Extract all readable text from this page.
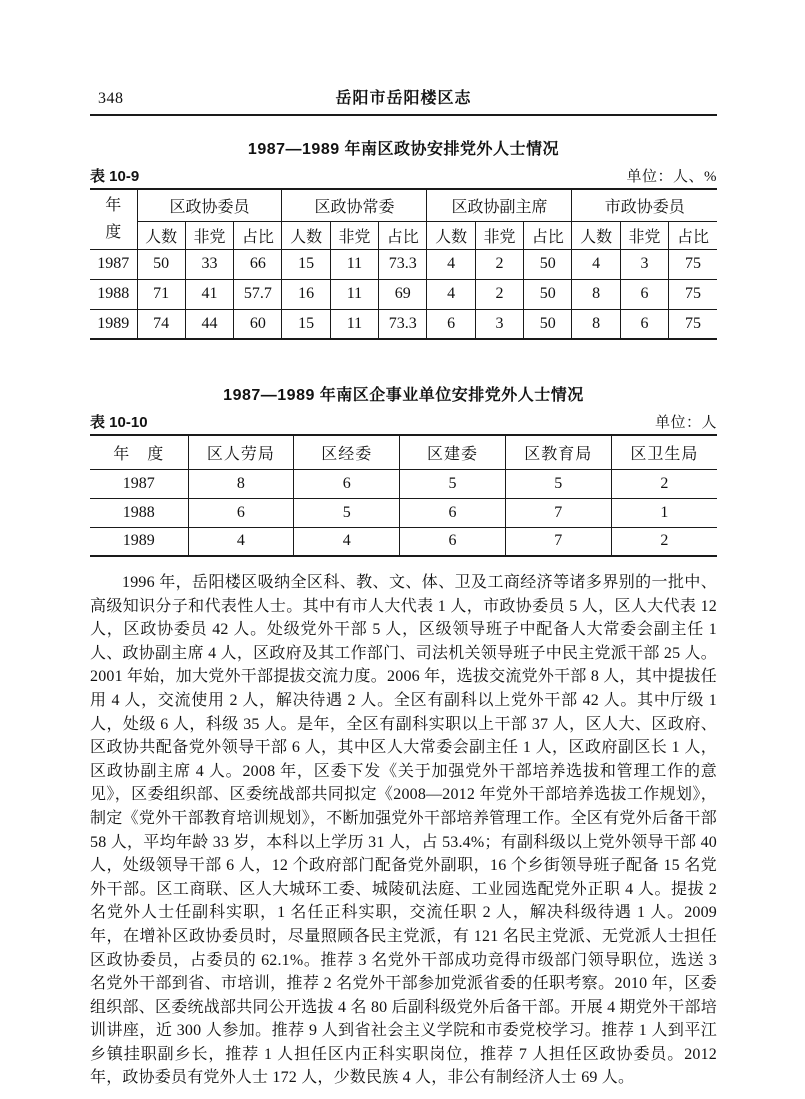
348	岳阳市岳阳楼区志
1987—1989 年南区政协安排党外人士情况
表 10-9	单位：人、%
年
度	区政协委员			区政协常委			区政协副主席			市政协委员		
	人数	非党	占比	人数	非党	占比	人数	非党	占比	人数	非党	占比
1987	50	33	66	15	11	73.3	4	2	50	4	3	75
1988	71	41	57.7	16	11	69	4	2	50	8	6	75
1989	74	44	60	15	11	73.3	6	3	50	8	6	75
1987—1989 年南区企事业单位安排党外人士情况
表 10-10	单位：人
年　度	区人劳局	区经委	区建委	区教育局	区卫生局
1987	8	6	5	5	2
1988	6	5	6	7	1
1989	4	4	6	7	2

1996 年，岳阳楼区吸纳全区科、教、文、体、卫及工商经济等诸多界别的一批中、高级知识分子和代表性人士。其中有市人大代表 1 人，市政协委员 5 人，区人大代表 12 人，区政协委员 42 人。处级党外干部 5 人，区级领导班子中配备人大常委会副主任 1 人、政协副主席 4 人，区政府及其工作部门、司法机关领导班子中民主党派干部 25 人。2001 年始，加大党外干部提拔交流力度。2006 年，选拔交流党外干部 8 人，其中提拔任用 4 人，交流使用 2 人，解决待遇 2 人。全区有副科以上党外干部 42 人。其中厅级 1 人，处级 6 人，科级 35 人。是年，全区有副科实职以上干部 37 人，区人大、区政府、区政协共配备党外领导干部 6 人，其中区人大常委会副主任 1 人，区政府副区长 1 人，区政协副主席 4 人。2008 年，区委下发《关于加强党外干部培养选拔和管理工作的意见》，区委组织部、区委统战部共同拟定《2008—2012 年党外干部培养选拔工作规划》，制定《党外干部教育培训规划》，不断加强党外干部培养管理工作。全区有党外后备干部 58 人，平均年龄 33 岁，本科以上学历 31 人，占 53.4%；有副科级以上党外领导干部 40 人，处级领导干部 6 人，12 个政府部门配备党外副职，16 个乡街领导班子配备 15 名党外干部。区工商联、区人大城环工委、城陵矶法庭、工业园选配党外正职 4 人。提拔 2 名党外人士任副科实职，1 名任正科实职，交流任职 2 人，解决科级待遇 1 人。2009 年，在增补区政协委员时，尽量照顾各民主党派，有 121 名民主党派、无党派人士担任区政协委员，占委员的 62.1%。推荐 3 名党外干部成功竞得市级部门领导职位，选送 3 名党外干部到省、市培训，推荐 2 名党外干部参加党派省委的任职考察。2010 年，区委组织部、区委统战部共同公开选拔 4 名 80 后副科级党外后备干部。开展 4 期党外干部培训讲座，近 300 人参加。推荐 9 人到省社会主义学院和市委党校学习。推荐 1 人到平江乡镇挂职副乡长，推荐 1 人担任区内正科实职岗位，推荐 7 人担任区政协委员。2012 年，政协委员有党外人士 172 人，少数民族 4 人，非公有制经济人士 69 人。
